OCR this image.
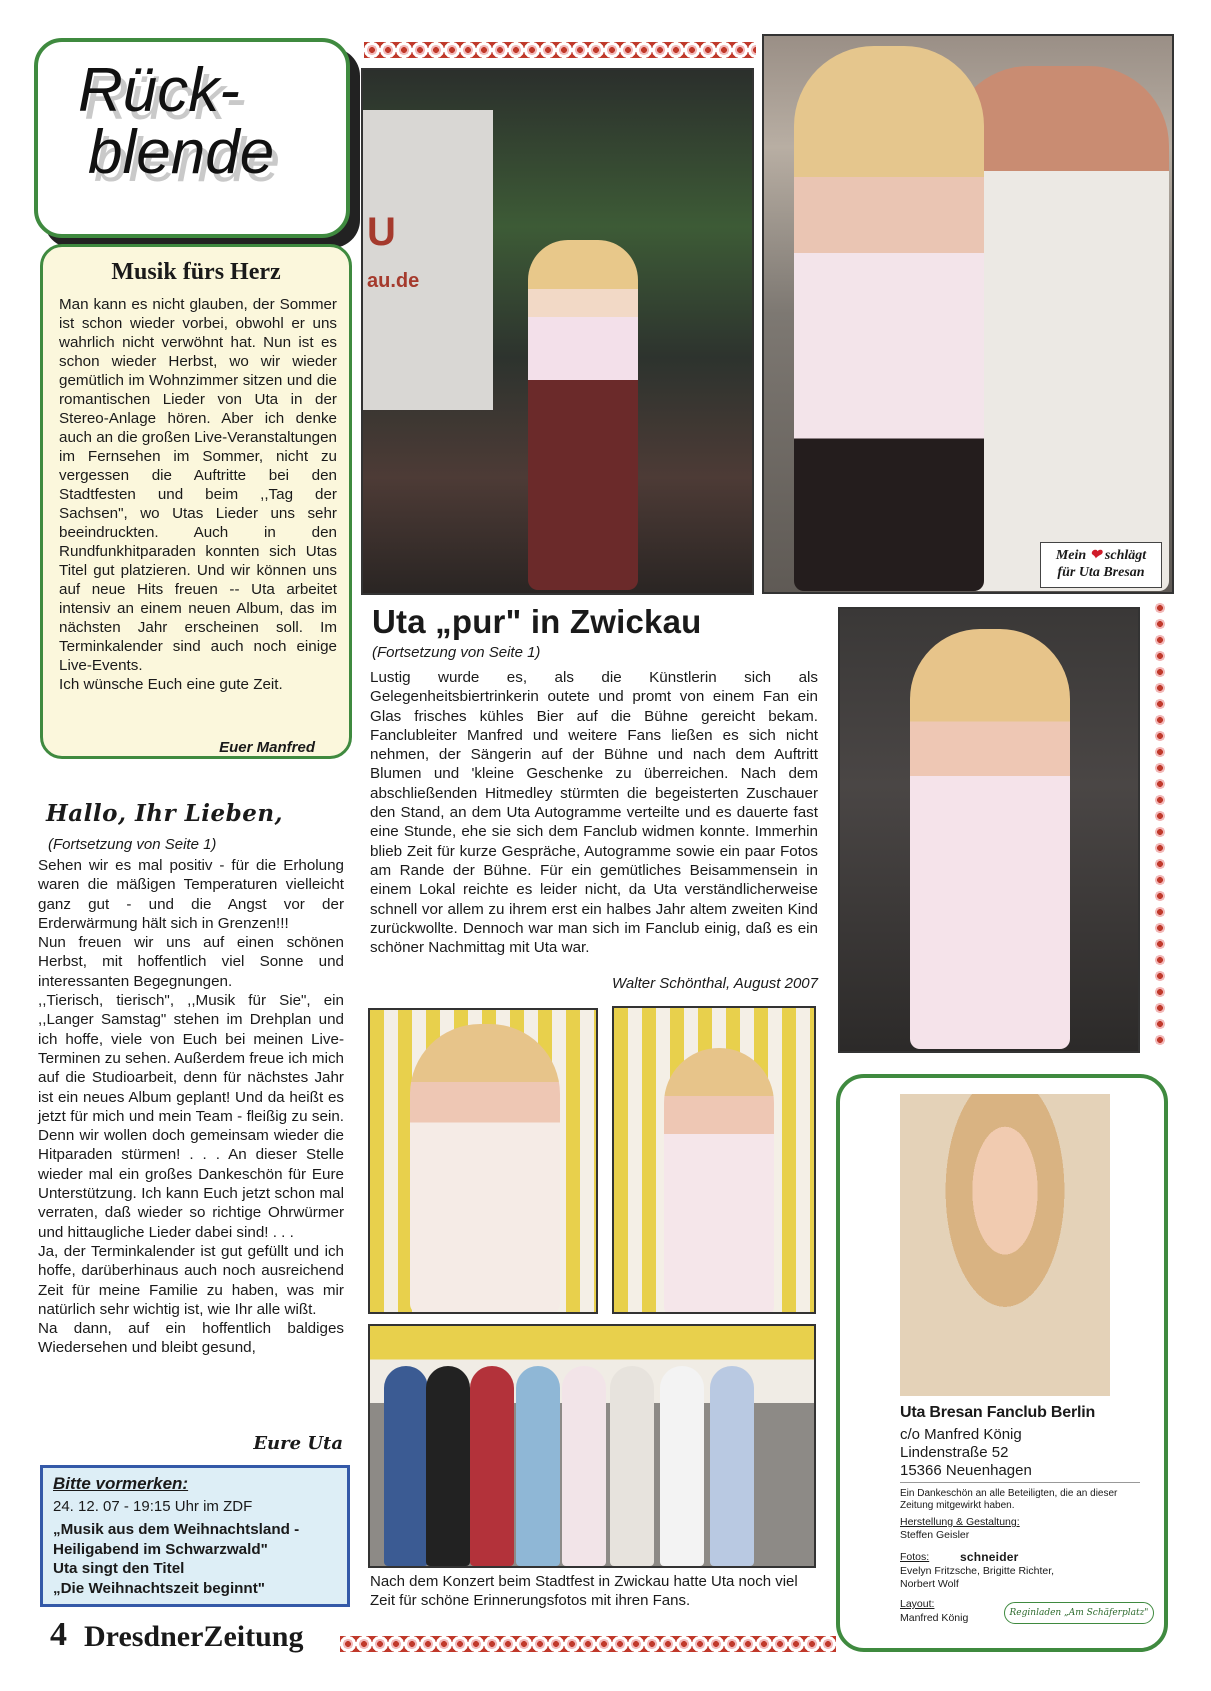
Rück-
blende
Musik fürs Herz
Man kann es nicht glauben, der Sommer ist schon wieder vorbei, obwohl er uns wahrlich nicht verwöhnt hat. Nun ist es schon wieder Herbst, wo wir wieder gemütlich im Wohnzimmer sitzen und die romantischen Lieder von Uta in der Stereo-Anlage hören. Aber ich denke auch an die großen Live-Veranstaltungen im Fernsehen im Sommer, nicht zu vergessen die Auftritte bei den Stadtfesten und beim ,,Tag der Sachsen", wo Utas Lieder uns sehr beeindruckten. Auch in den Rundfunkhitparaden konnten sich Utas Titel gut platzieren. Und wir können uns auf neue Hits freuen -- Uta arbeitet intensiv an einem neuen Album, das im nächsten Jahr erscheinen soll. Im Terminkalender sind auch noch einige Live-Events.
Ich wünsche Euch eine gute Zeit.
Euer Manfred
Hallo, Ihr Lieben,
(Fortsetzung von Seite 1)
Sehen wir es mal positiv - für die Erholung waren die mäßigen Temperaturen vielleicht ganz gut - und die Angst vor der Erderwärmung hält sich in Grenzen!!!
Nun freuen wir uns auf einen schönen Herbst, mit hoffentlich viel Sonne und interessanten Begegnungen.
,,Tierisch, tierisch", ,,Musik für Sie", ein ,,Langer Samstag" stehen im Drehplan und ich hoffe, viele von Euch bei meinen Live-Terminen zu sehen. Außerdem freue ich mich auf die Studioarbeit, denn für nächstes Jahr ist ein neues Album geplant! Und da heißt es jetzt für mich und mein Team - fleißig zu sein. Denn wir wollen doch gemeinsam wieder die Hitparaden stürmen! . . . An dieser Stelle wieder mal ein großes Dankeschön für Eure Unterstützung. Ich kann Euch jetzt schon mal verraten, daß wieder so richtige Ohrwürmer und hittaugliche Lieder dabei sind! . . .
Ja, der Terminkalender ist gut gefüllt und ich hoffe, darüberhinaus auch noch ausreichend Zeit für meine Familie zu haben, was mir natürlich sehr wichtig ist, wie Ihr alle wißt.
Na dann, auf ein hoffentlich baldiges Wiedersehen und bleibt gesund,
Eure Uta
Bitte vormerken:
24. 12. 07 - 19:15 Uhr im ZDF
„Musik aus dem Weihnachtsland -
Heiligabend im Schwarzwald"
Uta singt den Titel
„Die Weihnachtszeit beginnt"
4 DresdnerZeitung
U
au.de
Mein ❤ schlägt
für Uta Bresan
Uta „pur" in Zwickau
(Fortsetzung von Seite 1)
Lustig wurde es, als die Künstlerin sich als Gelegenheitsbiertrinkerin outete und promt von einem Fan ein Glas frisches kühles Bier auf die Bühne gereicht bekam. Fanclubleiter Manfred und weitere Fans ließen es sich nicht nehmen, der Sängerin auf der Bühne und nach dem Auftritt Blumen und 'kleine Geschenke zu überreichen. Nach dem abschließenden Hitmedley stürmten die begeisterten Zuschauer den Stand, an dem Uta Autogramme verteilte und es dauerte fast eine Stunde, ehe sie sich dem Fanclub widmen konnte. Immerhin blieb Zeit für kurze Gespräche, Autogramme sowie ein paar Fotos am Rande der Bühne. Für ein gemütliches Beisammensein in einem Lokal reichte es leider nicht, da Uta verständlicherweise schnell vor allem zu ihrem erst ein halbes Jahr altem zweiten Kind zurückwollte. Dennoch war man sich im Fanclub einig, daß es ein schöner Nachmittag mit Uta war.
Walter Schönthal, August 2007
Nach dem Konzert beim Stadtfest in Zwickau hatte Uta noch viel Zeit für schöne Erinnerungsfotos mit ihren Fans.
Uta Bresan Fanclub Berlin
c/o Manfred König
Lindenstraße 52
15366 Neuenhagen
Ein Dankeschön an alle Beteiligten, die an dieser Zeitung mitgewirkt haben.
Herstellung & Gestaltung:
Steffen Geisler
Fotos:	schneider
Evelyn Fritzsche, Brigitte Richter,
Norbert Wolf
Layout:
Manfred König	Reginladen „Am Schäferplatz"
